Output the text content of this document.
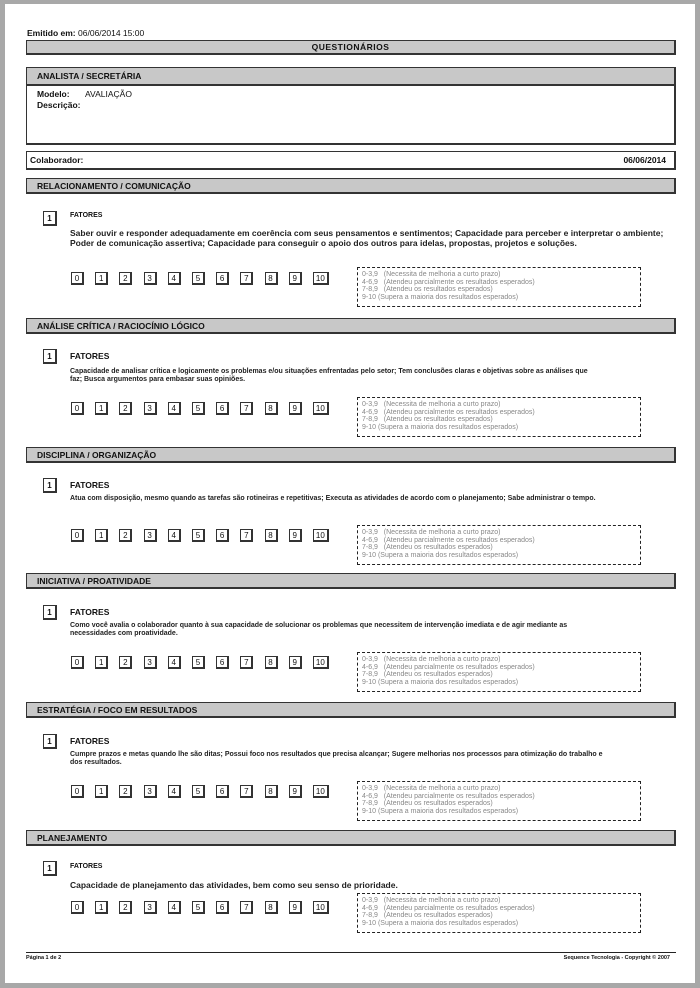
Emitido em: 06/06/2014 15:00
QUESTIONÁRIOS
ANALISTA / SECRETÁRIA
Modelo:	AVALIAÇÃO
Descrição:
Colaborador:	06/06/2014
RELACIONAMENTO / COMUNICAÇÃO
1	FATORES
Saber ouvir e responder adequadamente em coerência com seus pensamentos e sentimentos; Capacidade para perceber e interpretar o ambiente; Poder de comunicação assertiva; Capacidade para conseguir o apoio dos outros para idelas, propostas, projetos e soluções.
0	1	2	3	4	5	6	7	8	9	10	0-3,9   (Necessita de melhoria a curto prazo)
4-6,9   (Atendeu parcialmente os resultados esperados)
7-8,9   (Atendeu os resultados esperados)
9-10 (Supera a maioria dos resultados esperados)
ANÁLISE CRÍTICA / RACIOCÍNIO LÓGICO
1	FATORES
Capacidade de analisar crítica e logicamente os problemas e/ou situações enfrentadas pelo setor; Tem conclusões claras e objetivas sobre as análises que faz; Busca argumentos para embasar suas opiniões.
0	1	2	3	4	5	6	7	8	9	10	0-3,9   (Necessita de melhoria a curto prazo)
4-6,9   (Atendeu parcialmente os resultados esperados)
7-8,9   (Atendeu os resultados esperados)
9-10 (Supera a maioria dos resultados esperados)
DISCIPLINA / ORGANIZAÇÃO
1	FATORES
Atua com disposição, mesmo quando as tarefas são rotineiras e repetitivas; Executa as atividades de acordo com o planejamento; Sabe administrar o tempo.
0	1	2	3	4	5	6	7	8	9	10	0-3,9   (Necessita de melhoria a curto prazo)
4-6,9   (Atendeu parcialmente os resultados esperados)
7-8,9   (Atendeu os resultados esperados)
9-10 (Supera a maioria dos resultados esperados)
INICIATIVA / PROATIVIDADE
1	FATORES
Como você avalia o colaborador quanto à sua capacidade de solucionar os problemas que necessitem de intervenção imediata e de agir mediante as necessidades com proatividade.
0	1	2	3	4	5	6	7	8	9	10	0-3,9   (Necessita de melhoria a curto prazo)
4-6,9   (Atendeu parcialmente os resultados esperados)
7-8,9   (Atendeu os resultados esperados)
9-10 (Supera a maioria dos resultados esperados)
ESTRATÉGIA / FOCO EM RESULTADOS
1	FATORES
Cumpre prazos e metas quando lhe são ditas; Possui foco nos resultados que precisa alcançar; Sugere melhorias nos processos para otimização do trabalho e dos resultados.
0	1	2	3	4	5	6	7	8	9	10	0-3,9   (Necessita de melhoria a curto prazo)
4-6,9   (Atendeu parcialmente os resultados esperados)
7-8,9   (Atendeu os resultados esperados)
9-10 (Supera a maioria dos resultados esperados)
PLANEJAMENTO
1	FATORES
Capacidade de planejamento das atividades, bem como seu senso de prioridade.
0	1	2	3	4	5	6	7	8	9	10
0-3,9   (Necessita de melhoria a curto prazo)
4-6,9   (Atendeu parcialmente os resultados esperados)
7-8,9   (Atendeu os resultados esperados)
9-10 (Supera a maioria dos resultados esperados)
Página 1 de 2	Sequence Tecnologia - Copyright © 2007
